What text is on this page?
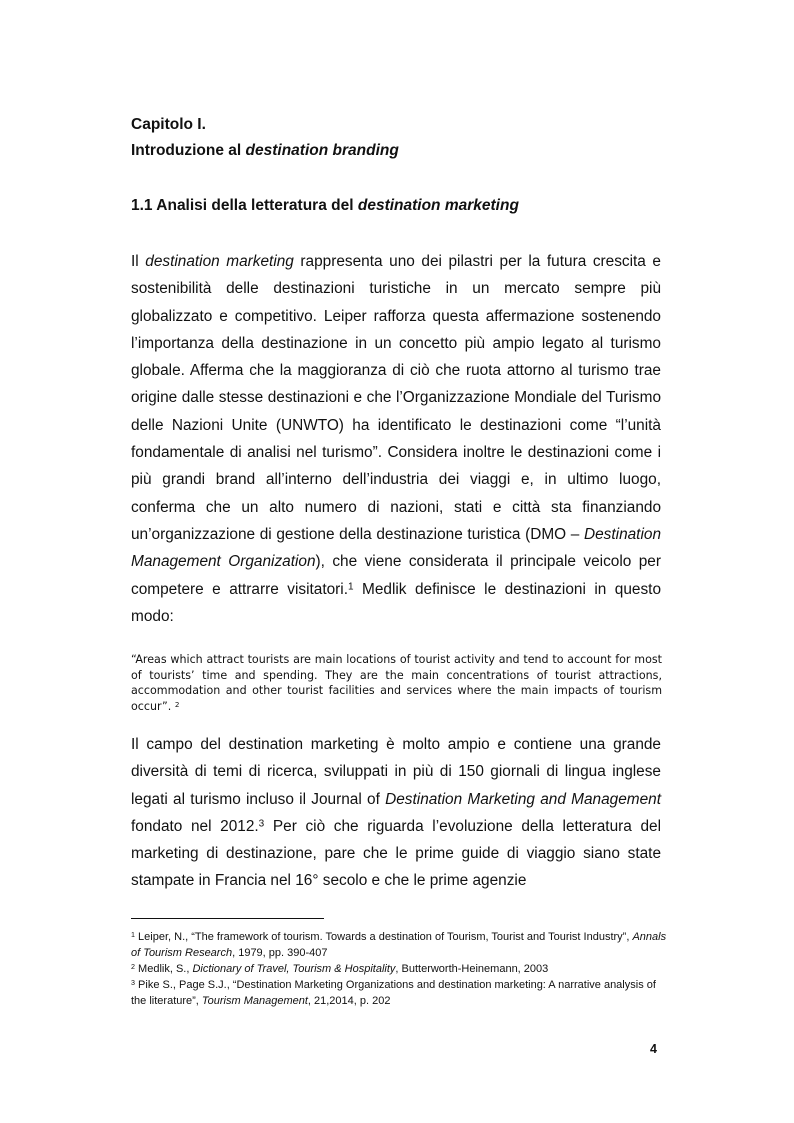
Capitolo I.

Introduzione al destination branding

1.1 Analisi della letteratura del destination marketing

Il destination marketing rappresenta uno dei pilastri per la futura crescita e sostenibilità delle destinazioni turistiche in un mercato sempre più globalizzato e competitivo. Leiper rafforza questa affermazione sostenendo l’importanza della destinazione in un concetto più ampio legato al turismo globale. Afferma che la maggioranza di ciò che ruota attorno al turismo trae origine dalle stesse destinazioni e che l’Organizzazione Mondiale del Turismo delle Nazioni Unite (UNWTO) ha identificato le destinazioni come “l’unità fondamentale di analisi nel turismo”. Considera inoltre le destinazioni come i più grandi brand all’interno dell’industria dei viaggi e, in ultimo luogo, conferma che un alto numero di nazioni, stati e città sta finanziando un’organizzazione di gestione della destinazione turistica (DMO – Destination Management Organization), che viene considerata il principale veicolo per competere e attrarre visitatori.$^1$ Medlik definisce le destinazioni in questo modo:

“Areas which attract tourists are main locations of tourist activity and tend to account for most of tourists’ time and spending. They are the main concentrations of tourist attractions, accommodation and other tourist facilities and services where the main impacts of tourism occur”. $^2$

Il campo del destination marketing è molto ampio e contiene una grande diversità di temi di ricerca, sviluppati in più di 150 giornali di lingua inglese legati al turismo incluso il Journal of Destination Marketing and Management fondato nel 2012.$^3$ Per ciò che riguarda l’evoluzione della letteratura del marketing di destinazione, pare che le prime guide di viaggio siano state stampate in Francia nel 16° secolo e che le prime agenzie

$^1$ Leiper, N., “The framework of tourism. Towards a destination of Tourism, Tourist and Tourist Industry”, Annals of Tourism Research, 1979, pp. 390-407

$^2$ Medlik, S., Dictionary of Travel, Tourism & Hospitality, Butterworth-Heinemann, 2003

$^3$ Pike S., Page S.J., “Destination Marketing Organizations and destination marketing: A narrative analysis of the literature”, Tourism Management, 21,2014, p. 202

4
